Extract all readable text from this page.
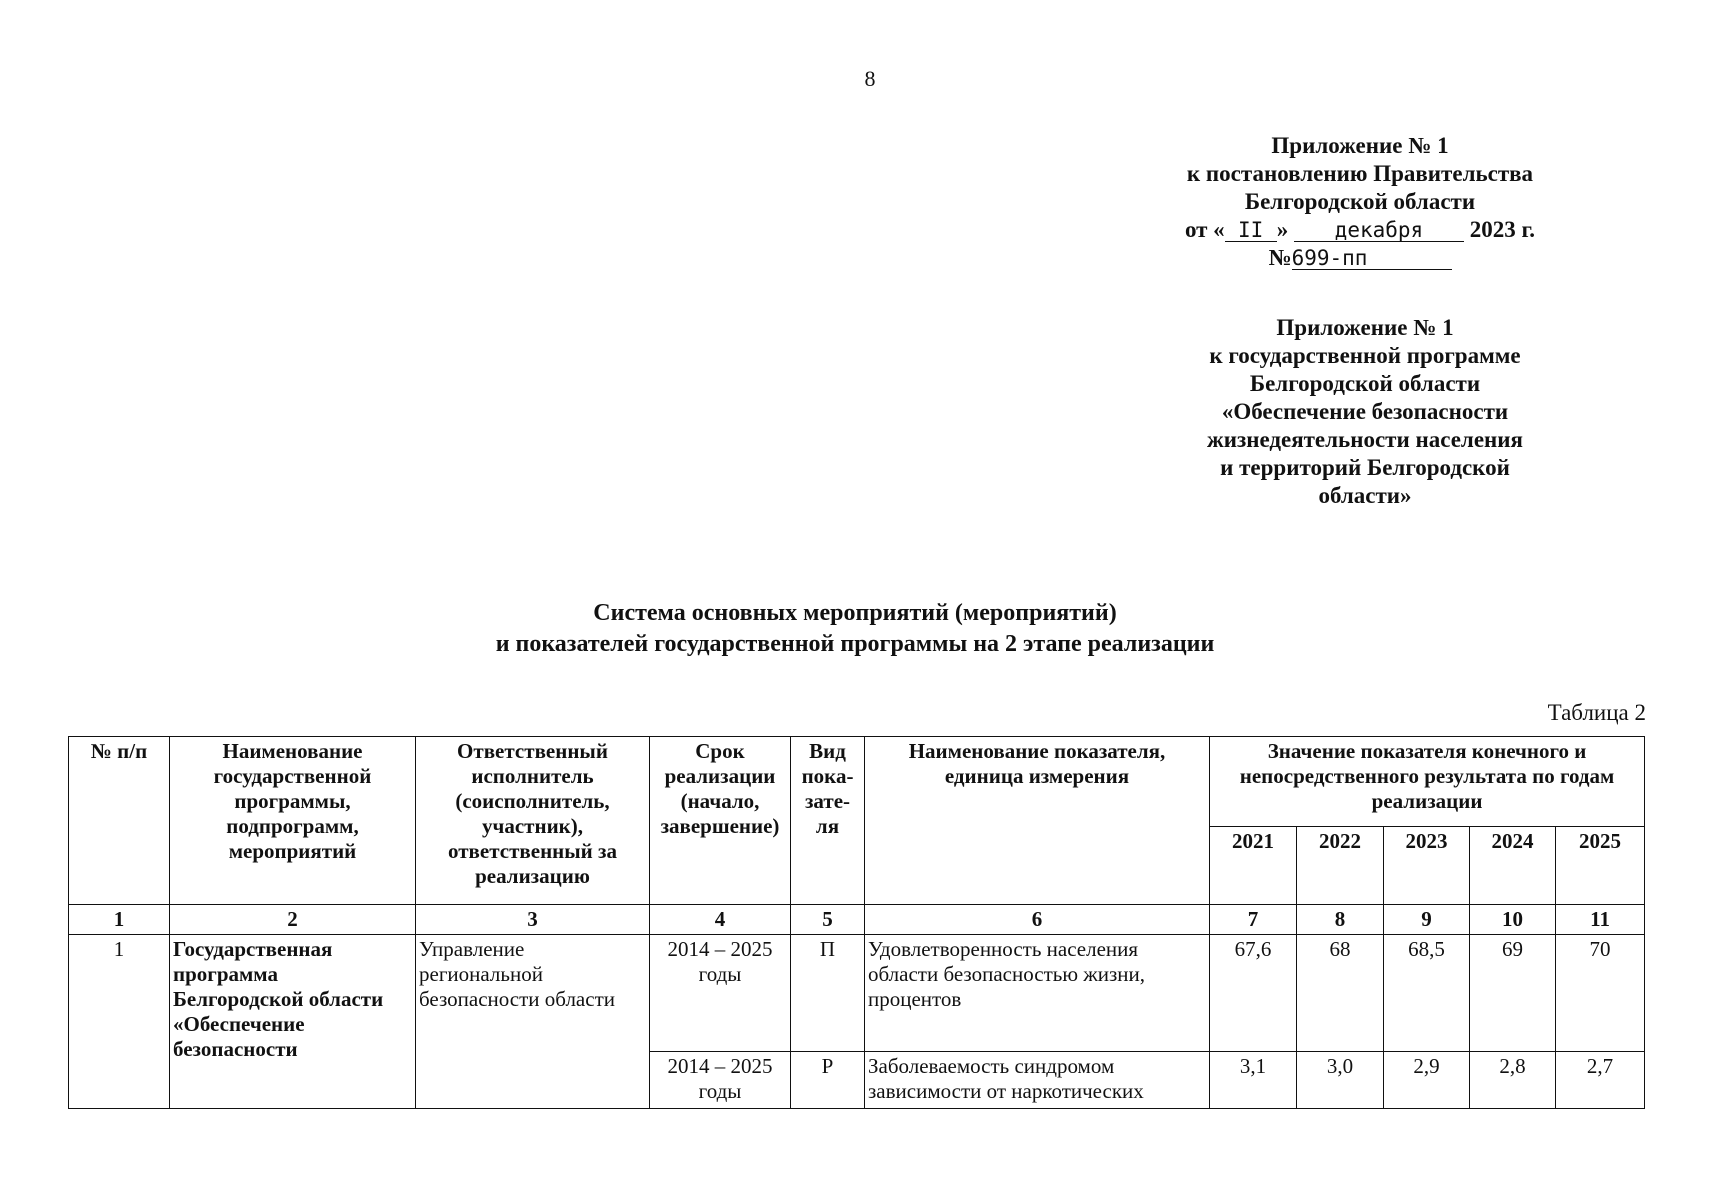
8
Приложение № 1
к постановлению Правительства
Белгородской области
от « II » декабря 2023 г.
№699-пп
Приложение № 1
к государственной программе
Белгородской области
«Обеспечение безопасности
жизнедеятельности населения
и территорий Белгородской
области»
Система основных мероприятий (мероприятий)
и показателей государственной программы на 2 этапе реализации
Таблица 2
№ п/п	Наименование государственной программы, подпрограмм, мероприятий	Ответственный исполнитель (соисполнитель, участник), ответственный за реализацию	Срок реализации (начало, завершение)	Вид пока-зате-ля	Наименование показателя, единица измерения	Значение показателя конечного и непосредственного результата по годам реализации				
						2021	2022	2023	2024	2025
1	2	3	4	5	6	7	8	9	10	11
1	Государственная программа Белгородской области «Обеспечение безопасности	Управление региональной безопасности области	2014 – 2025 годы	П	Удовлетворенность населения области безопасностью жизни, процентов	67,6	68	68,5	69	70
			2014 – 2025 годы	Р	Заболеваемость синдромом зависимости от наркотических	3,1	3,0	2,9	2,8	2,7
